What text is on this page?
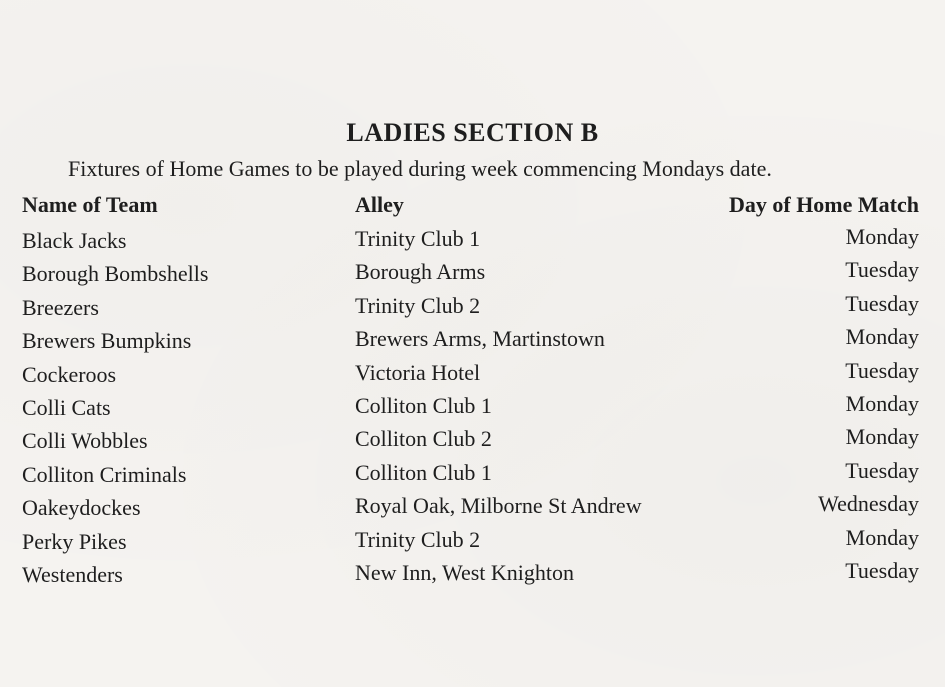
LADIES SECTION B
Fixtures of Home Games to be played during week commencing Mondays date.
Name of Team	Alley	Day of Home Match
Black Jacks	Trinity Club 1	Monday
Borough Bombshells	Borough Arms	Tuesday
Breezers	Trinity Club 2	Tuesday
Brewers Bumpkins	Brewers Arms, Martinstown	Monday
Cockeroos	Victoria Hotel	Tuesday
Colli Cats	Colliton Club 1	Monday
Colli Wobbles	Colliton Club 2	Monday
Colliton Criminals	Colliton Club 1	Tuesday
Oakeydockes	Royal Oak, Milborne St Andrew	Wednesday
Perky Pikes	Trinity Club 2	Monday
Westenders	New Inn, West Knighton	Tuesday
